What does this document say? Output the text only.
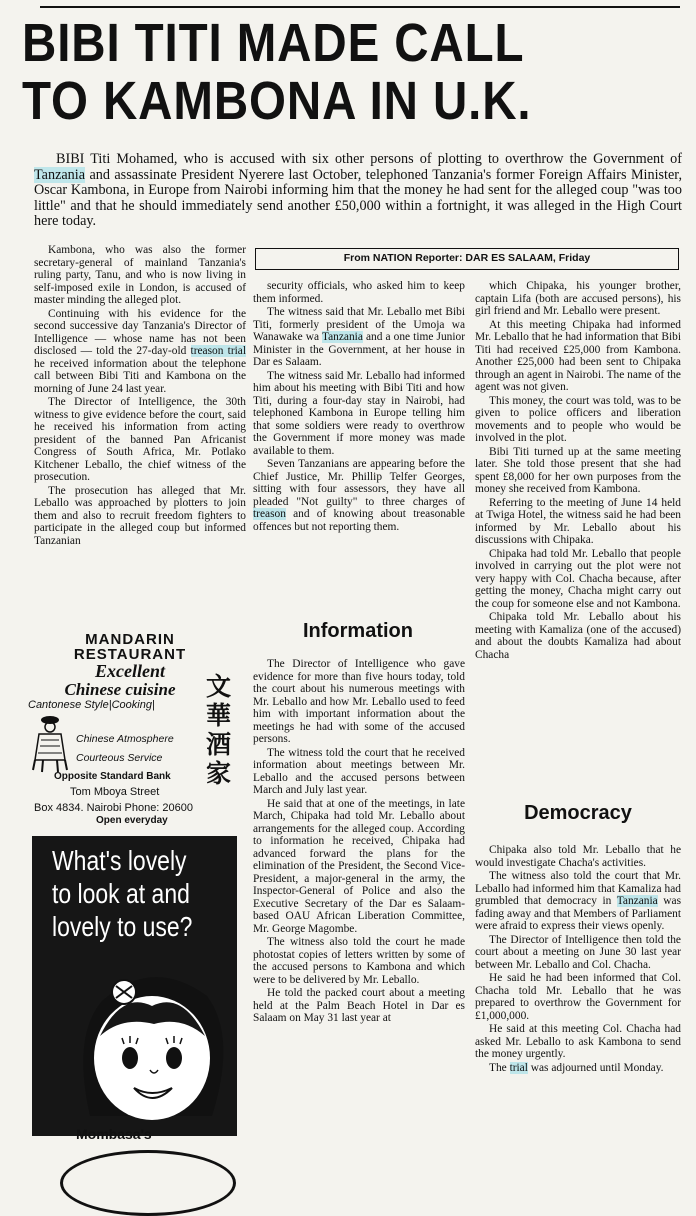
BIBI TITI MADE CALL
TO KAMBONA IN U.K.

BIBI Titi Mohamed, who is accused with six other persons of plotting to overthrow the Government of Tanzania and assassinate President Nyerere last October, telephoned Tanzania's former Foreign Affairs Minister, Oscar Kambona, in Europe from Nairobi informing him that the money he had sent for the alleged coup "was too little" and that he should immediately send another £50,000 within a fortnight, it was alleged in the High Court here today.

From NATION Reporter: DAR ES SALAAM, Friday

Kambona, who was also the former secretary-general of mainland Tanzania's ruling party, Tanu, and who is now living in self-imposed exile in London, is accused of master minding the alleged plot.

Continuing with his evidence for the second successive day Tanzania's Director of Intelligence — whose name has not been disclosed — told the 27-day-old treason trial he received information about the telephone call between Bibi Titi and Kambona on the morning of June 24 last year.

The Director of Intelligence, the 30th witness to give evidence before the court, said he received his information from acting president of the banned Pan Africanist Congress of South Africa, Mr. Potlako Kitchener Leballo, the chief witness of the prosecution.

The prosecution has alleged that Mr. Leballo was approached by plotters to join them and also to recruit freedom fighters to participate in the alleged coup but informed Tanzanian

security officials, who asked him to keep them informed.

The witness said that Mr. Leballo met Bibi Titi, formerly president of the Umoja wa Wanawake wa Tanzania and a one time Junior Minister in the Government, at her house in Dar es Salaam.

The witness said Mr. Leballo had informed him about his meeting with Bibi Titi and how Titi, during a four-day stay in Nairobi, had telephoned Kambona in Europe telling him that some soldiers were ready to overthrow the Government if more money was made available to them.

Seven Tanzanians are appearing before the Chief Justice, Mr. Phillip Telfer Georges, sitting with four assessors, they have all pleaded "Not guilty" to three charges of treason and of knowing about treasonable offences but not reporting them.

which Chipaka, his younger brother, captain Lifa (both are accused persons), his girl friend and Mr. Leballo were present.

At this meeting Chipaka had informed Mr. Leballo that he had information that Bibi Titi had received £25,000 from Kambona. Another £25,000 had been sent to Chipaka through an agent in Nairobi. The name of the agent was not given.

This money, the court was told, was to be given to police officers and liberation movements and to people who would be involved in the plot.

Bibi Titi turned up at the same meeting later. She told those present that she had spent £8,000 for her own purposes from the money she received from Kambona.

Referring to the meeting of June 14 held at Twiga Hotel, the witness said he had been informed by Mr. Leballo about his discussions with Chipaka.

Chipaka had told Mr. Leballo that people involved in carrying out the plot were not very happy with Col. Chacha because, after getting the money, Chacha might carry out the coup for someone else and not Kambona.

Chipaka told Mr. Leballo about his meeting with Kamaliza (one of the accused) and about the doubts Kamaliza had about Chacha

Information

The Director of Intelligence who gave evidence for more than five hours today, told the court about his numerous meetings with Mr. Leballo and how Mr. Leballo used to feed him with important information about the meetings he had with some of the accused persons.

The witness told the court that he received information about meetings between Mr. Leballo and the accused persons between March and July last year.

He said that at one of the meetings, in late March, Chipaka had told Mr. Leballo about arrangements for the alleged coup. According to information he received, Chipaka had advanced forward the plans for the elimination of the President, the Second Vice-President, a major-general in the army, the Inspector-General of Police and also the Executive Secretary of the Dar es Salaam-based OAU African Liberation Committee, Mr. George Magombe.

The witness also told the court he made photostat copies of letters written by some of the accused persons to Kambona and which were to be delivered by Mr. Leballo.

He told the packed court about a meeting held at the Palm Beach Hotel in Dar es Salaam on May 31 last year at

Democracy

Chipaka also told Mr. Leballo that he would investigate Chacha's activities.

The witness also told the court that Mr. Leballo had informed him that Kamaliza had grumbled that democracy in Tanzania was fading away and that Members of Parliament were afraid to express their views openly.

The Director of Intelligence then told the court about a meeting on June 30 last year between Mr. Leballo and Col. Chacha.

He said he had been informed that Col. Chacha told Mr. Leballo that he was prepared to overthrow the Government for £1,000,000.

He said at this meeting Col. Chacha had asked Mr. Leballo to ask Kambona to send the money urgently.

The trial was adjourned until Monday.

MANDARIN
RESTAURANT
Excellent
Chinese cuisine
Cantonese Style|Cooking|
文
華
酒
家
Chinese Atmosphere
Courteous Service
Opposite Standard Bank
Tom Mboya Street
Box 4834. Nairobi Phone: 20600
Open everyday
What's lovely
to look at and
lovely to use?
Mombasa's
